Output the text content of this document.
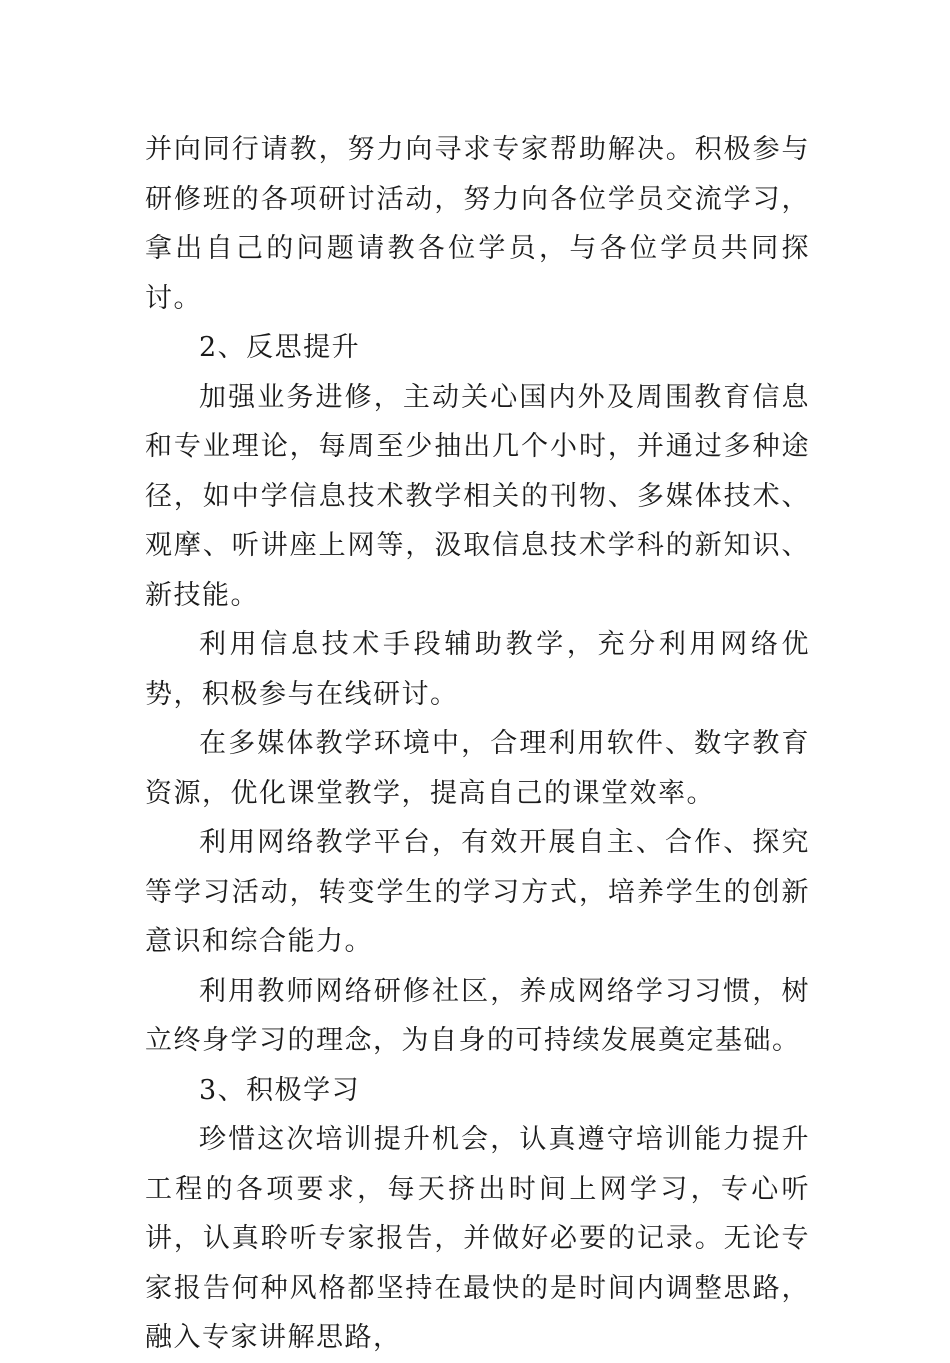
并向同行请教，努力向寻求专家帮助解决。积极参与研修班的各项研讨活动，努力向各位学员交流学习，拿出自己的问题请教各位学员，与各位学员共同探讨。

2、反思提升

加强业务进修，主动关心国内外及周围教育信息和专业理论，每周至少抽出几个小时，并通过多种途径，如中学信息技术教学相关的刊物、多媒体技术、观摩、听讲座上网等，汲取信息技术学科的新知识、新技能。

利用信息技术手段辅助教学，充分利用网络优势，积极参与在线研讨。

在多媒体教学环境中，合理利用软件、数字教育资源，优化课堂教学，提高自己的课堂效率。

利用网络教学平台，有效开展自主、合作、探究等学习活动，转变学生的学习方式，培养学生的创新意识和综合能力。

利用教师网络研修社区，养成网络学习习惯，树立终身学习的理念，为自身的可持续发展奠定基础。

3、积极学习

珍惜这次培训提升机会，认真遵守培训能力提升工程的各项要求，每天挤出时间上网学习，专心听讲，认真聆听专家报告，并做好必要的记录。无论专家报告何种风格都坚持在最快的是时间内调整思路，融入专家讲解思路，
